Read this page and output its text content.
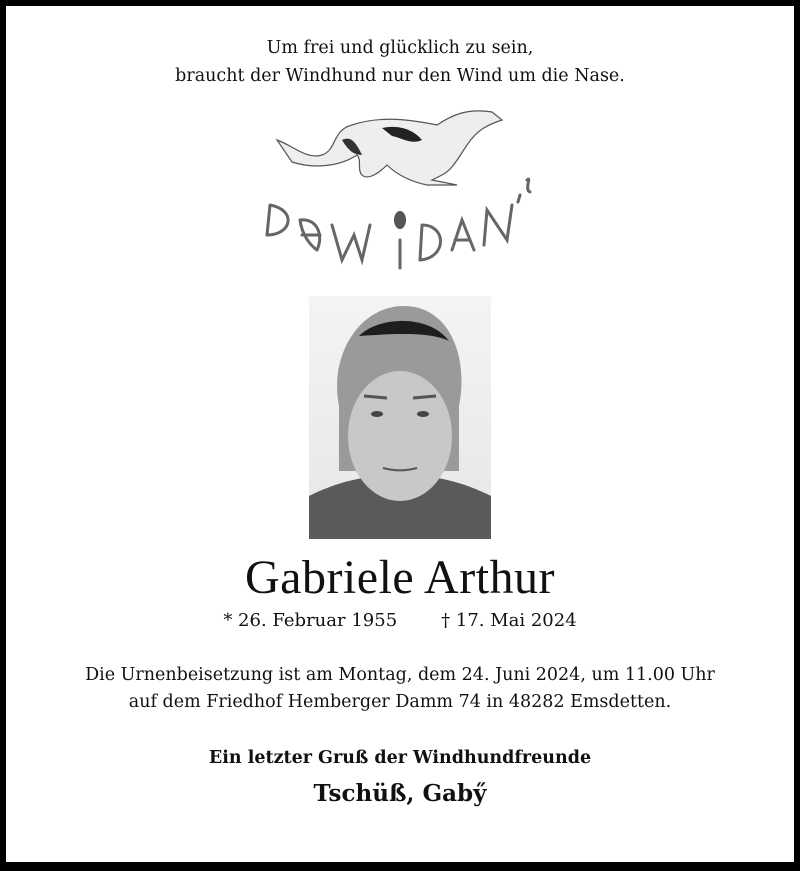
Um frei und glücklich zu sein,
braucht der Windhund nur den Wind um die Nase.
Gabriele Arthur
* 26. Februar 1955 † 17. Mai 2024
Die Urnenbeisetzung ist am Montag, dem 24. Juni 2024, um 11.00 Uhr
auf dem Friedhof Hemberger Damm 74 in 48282 Emsdetten.
Ein letzter Gruß der Windhundfreunde
Tschüß, Gaby̋
